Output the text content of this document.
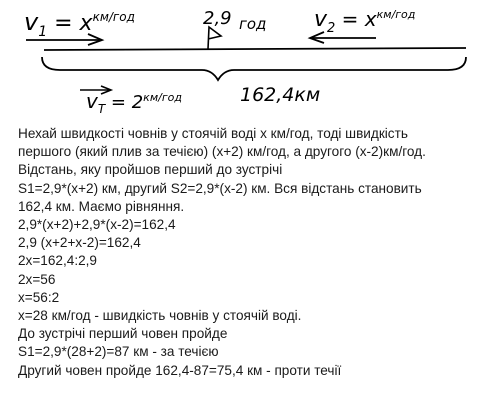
$v_1 = x^{км/год}$	2,9 год $v_2 = x^{км/год}$
$v_T = 2^{км/год}$	162,4км
Нехай швидкості човнів у стоячій воді x км/год, тоді швидкість
першого (який плив за течією) (x+2) км/год, а другого (x-2)км/год.
Відстань, яку пройшов перший до зустрічі
S1=2,9*(x+2) км, другий S2=2,9*(x-2) км. Вся відстань становить
162,4 км. Маємо рівняння.
2,9*(x+2)+2,9*(x-2)=162,4
2,9 (x+2+x-2)=162,4
2x=162,4:2,9
2x=56
x=56:2
x=28 км/год - швидкість човнів у стоячій воді.
До зустрічі перший човен пройде
S1=2,9*(28+2)=87 км - за течією
Другий човен пройде 162,4-87=75,4 км - проти течії
